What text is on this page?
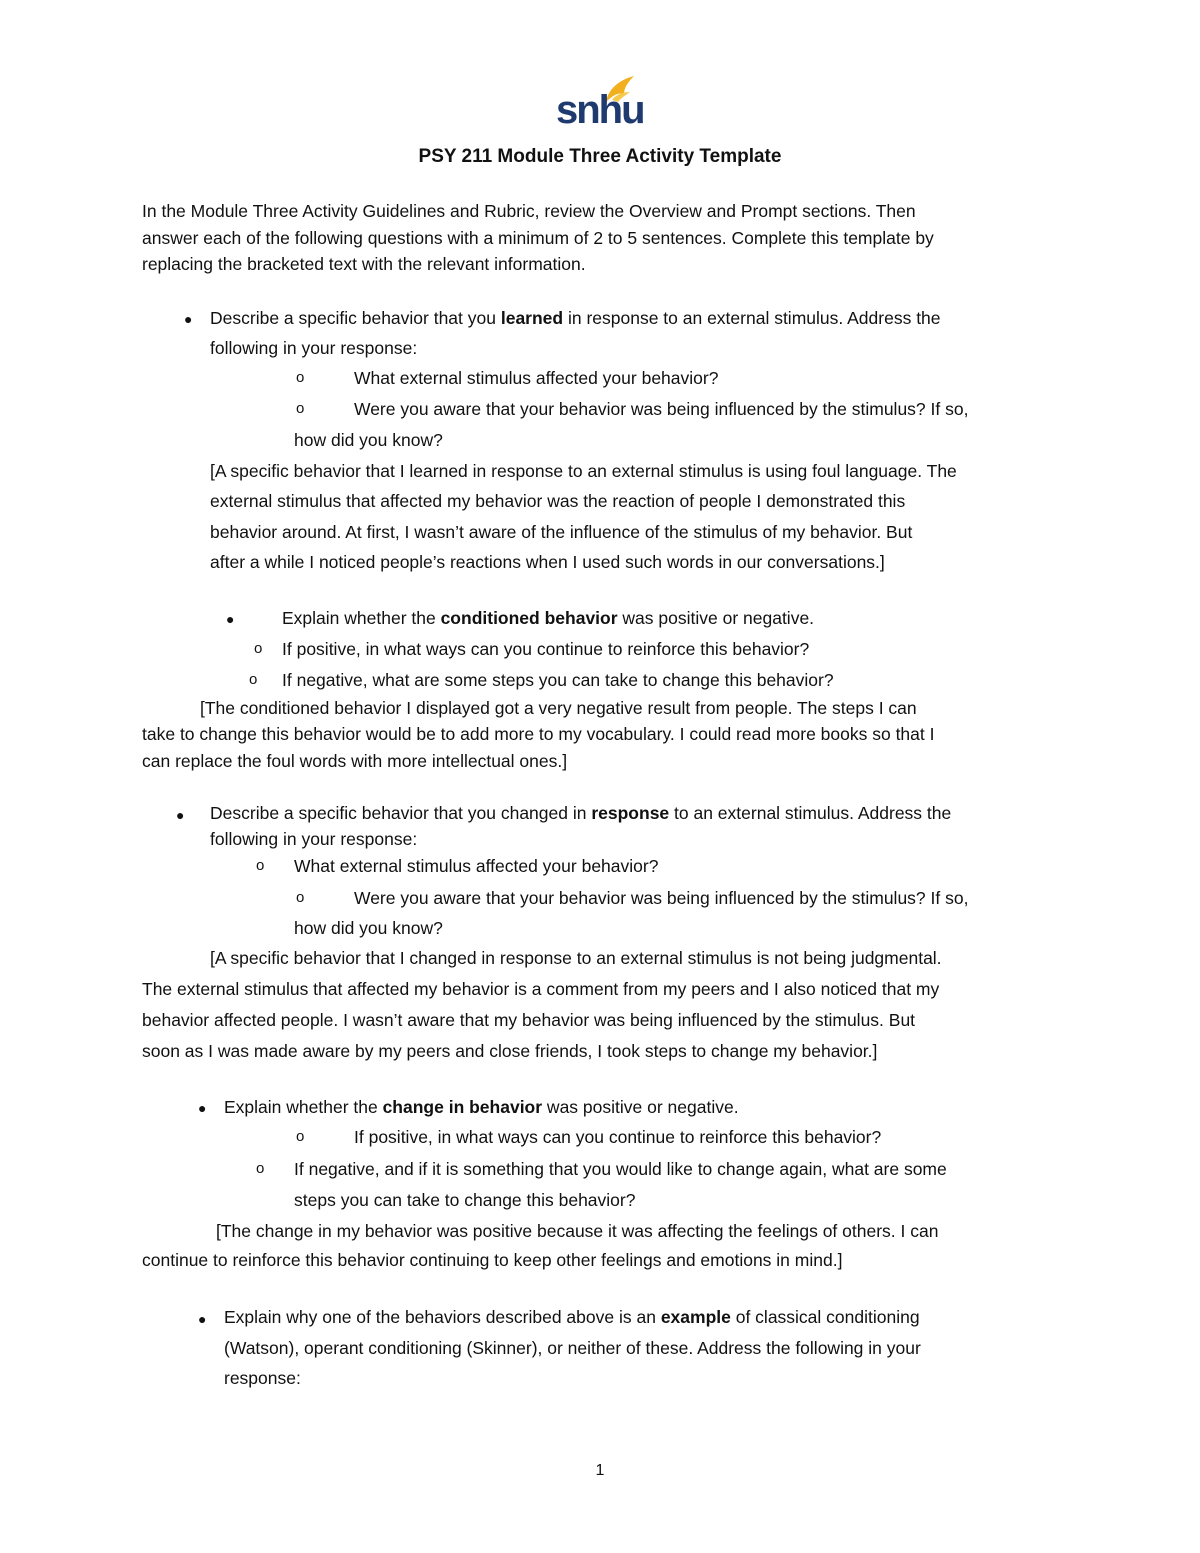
snhu
PSY 211 Module Three Activity Template
In the Module Three Activity Guidelines and Rubric, review the Overview and Prompt sections. Then
answer each of the following questions with a minimum of 2 to 5 sentences. Complete this template by
replacing the bracketed text with the relevant information.
● Describe a specific behavior that you learned in response to an external stimulus. Address the
following in your response:
o	What external stimulus affected your behavior?
o	Were you aware that your behavior was being influenced by the stimulus? If so,
how did you know?
[A specific behavior that I learned in response to an external stimulus is using foul language. The
external stimulus that affected my behavior was the reaction of people I demonstrated this
behavior around. At first, I wasn’t aware of the influence of the stimulus of my behavior. But
after a while I noticed people’s reactions when I used such words in our conversations.]
●	Explain whether the conditioned behavior was positive or negative.
o If positive, in what ways can you continue to reinforce this behavior?
o If negative, what are some steps you can take to change this behavior?
[The conditioned behavior I displayed got a very negative result from people. The steps I can
take to change this behavior would be to add more to my vocabulary. I could read more books so that I
can replace the foul words with more intellectual ones.]
● Describe a specific behavior that you changed in response to an external stimulus. Address the
following in your response:
o What external stimulus affected your behavior?
o	Were you aware that your behavior was being influenced by the stimulus? If so,
how did you know?
[A specific behavior that I changed in response to an external stimulus is not being judgmental.
The external stimulus that affected my behavior is a comment from my peers and I also noticed that my
behavior affected people. I wasn’t aware that my behavior was being influenced by the stimulus. But
soon as I was made aware by my peers and close friends, I took steps to change my behavior.]
● Explain whether the change in behavior was positive or negative.
o	If positive, in what ways can you continue to reinforce this behavior?
o If negative, and if it is something that you would like to change again, what are some
steps you can take to change this behavior?
[The change in my behavior was positive because it was affecting the feelings of others. I can
continue to reinforce this behavior continuing to keep other feelings and emotions in mind.]
● Explain why one of the behaviors described above is an example of classical conditioning
(Watson), operant conditioning (Skinner), or neither of these. Address the following in your
response:
1
